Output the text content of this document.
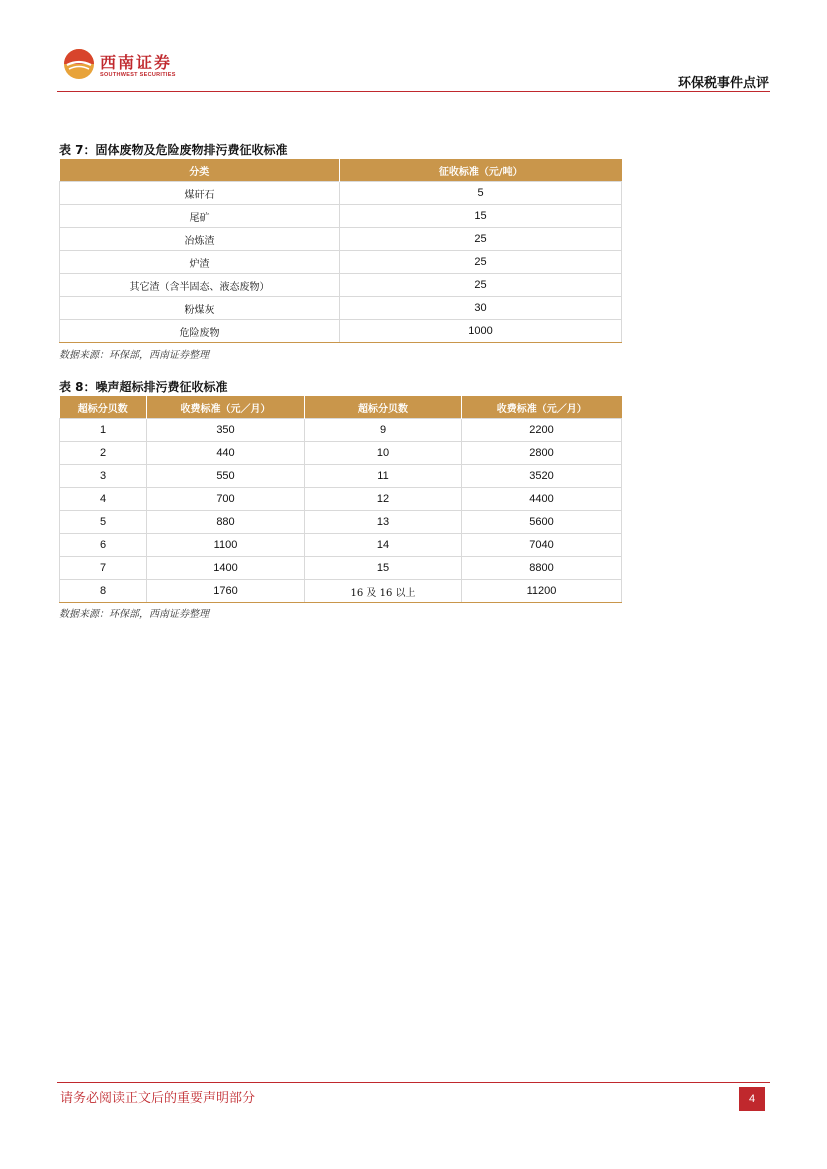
西南证券
SOUTHWEST SECURITIES
环保税事件点评
表 7：固体废物及危险废物排污费征收标准
分类	征收标准（元/吨）
煤矸石	5
尾矿	15
冶炼渣	25
炉渣	25
其它渣（含半固态、液态废物）	25
粉煤灰	30
危险废物	1000
数据来源：环保部，西南证券整理
表 8：噪声超标排污费征收标准
超标分贝数	收费标准（元／月）	超标分贝数	收费标准（元／月）
1	350	9	2200
2	440	10	2800
3	550	11	3520
4	700	12	4400
5	880	13	5600
6	1100	14	7040
7	1400	15	8800
8	1760	16 及 16 以上	11200
数据来源：环保部，西南证券整理
请务必阅读正文后的重要声明部分	4
